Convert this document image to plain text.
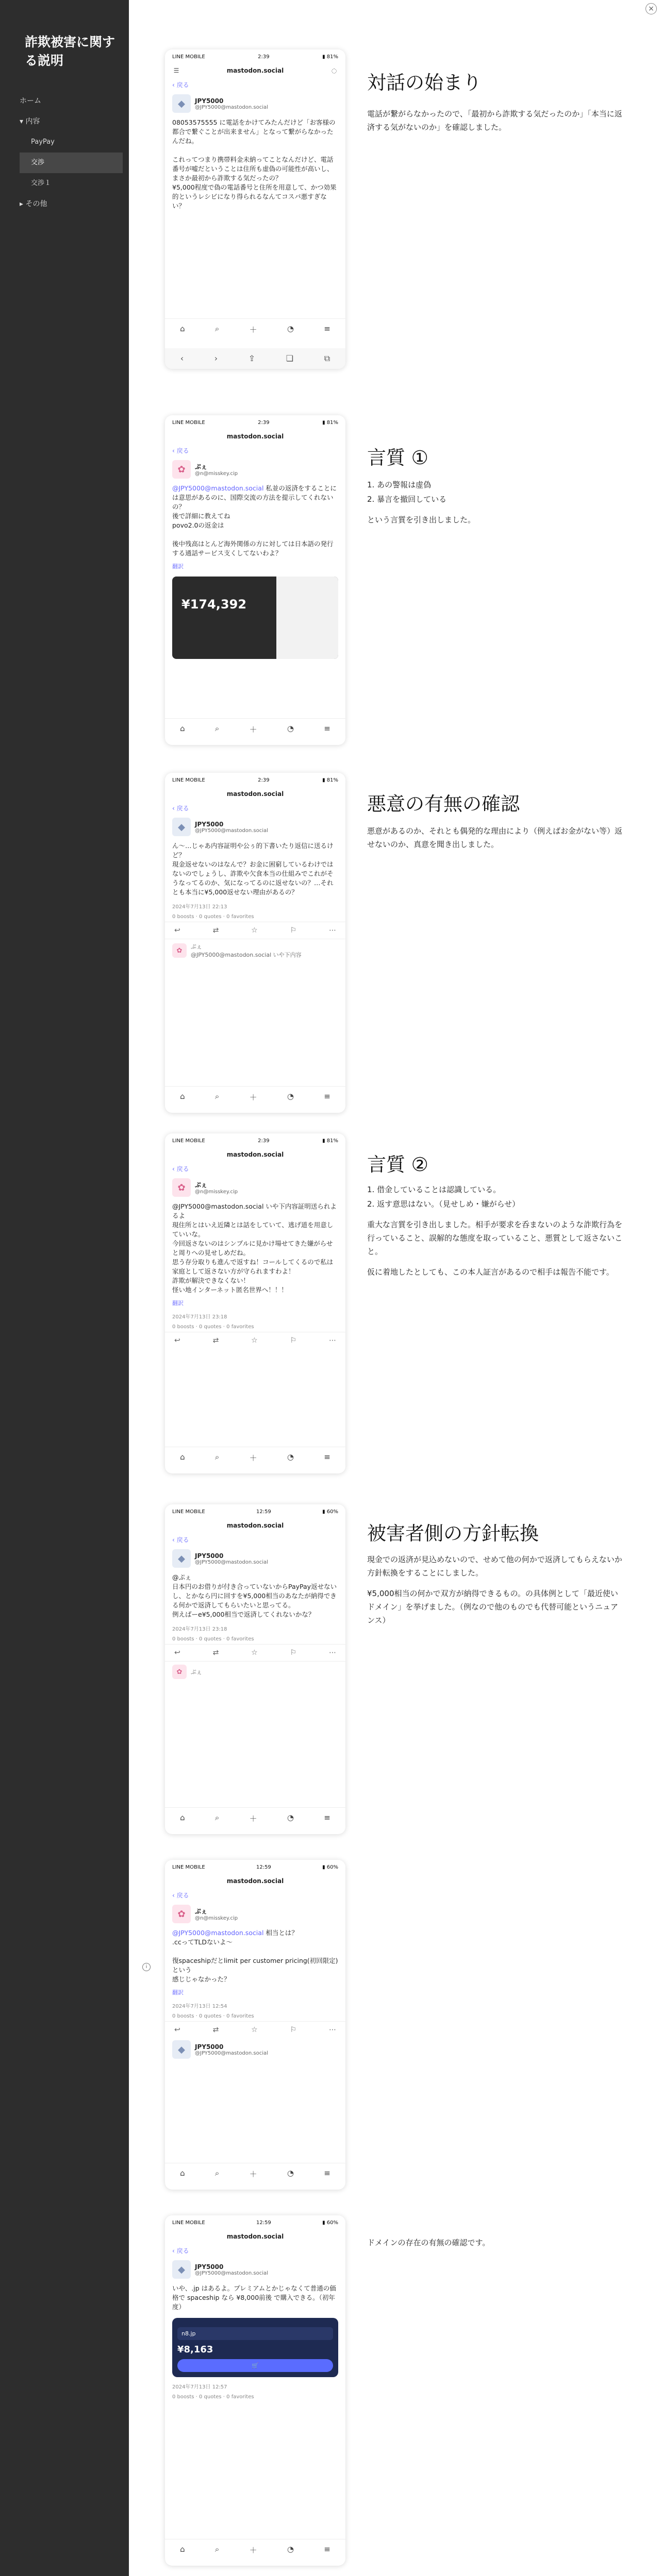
詐欺被害に関する説明
ホーム
▾ 内容
PayPay
交渉
交渉１
▸ その他
×
i
LINE MOBILE	2:39	▮ 81%
☰	mastodon.social	◌
‹ 戻る
◆	JPY5000
@JPY5000@mastodon.social
08053575555 に電話をかけてみたんだけど「お客様の都合で繋ぐことが出来ません」となって繋がらなかったんだね。

これってつまり携帯料金未納ってことなんだけど、電話番号が嘘だということは住所も虚偽の可能性が高いし、まさか最初から詐欺する気だったの？
¥5,000程度で偽の電話番号と住所を用意して、かつ効果的というレシビになり得られるなんてコスパ悪すぎない？
⌂	⌕	＋	◔	≡
‹	›	⇪	❏	⧉
対話の始まり
電話が繋がらなかったので、「最初から詐欺する気だったのか」「本当に返済する気がないのか」を確認しました。
LINE MOBILE	2:39	▮ 81%
mastodon.social
‹ 戻る
✿	ぷぇ
@n@misskey.cip
@JPY5000@mastodon.social 私並の返済をすることには意思があるのに、国際交流の方法を提示してくれないの？
後で詳細に教えてね
povo2.0の返金は

後中残高はとんど海外関係の方に対しては日本語の発行する通話サービス支くしてないわよ？
翻訳
¥174,392
⌂	⌕	＋	◔	≡
言質 ①
1. あの警報は虚偽
2. 暴言を撤回している
という言質を引き出しました。
LINE MOBILE	2:39	▮ 81%
mastodon.social
‹ 戻る
◆	JPY5000
@JPY5000@mastodon.social
ん〜…じゃあ内容証明や公ぅ的下書いたり返信に送るけど？
現金返せないのはなんで？お金に困窮しているわけではないのでしょうし、詐欺や欠食本当の仕組みでこれがそうなってるのか、気になってるのに返せないの？…それとも本当に¥5,000返せない理由があるの？
2024年7月13日 22:13
0 boosts · 0 quotes · 0 favorites
↩	⇄	☆	⚐	⋯
✿	ぷぇ
@JPY5000@mastodon.social いや下内容
⌂	⌕	＋	◔	≡
悪意の有無の確認
悪意があるのか、それとも偶発的な理由により（例えばお金がない等）返せないのか、真意を聞き出しました。
LINE MOBILE	2:39	▮ 81%
mastodon.social
‹ 戻る
✿	ぷぇ
@n@misskey.cip
@JPY5000@mastodon.social いや下内容証明送られよるよ
現住所とはいえ近隣とは話をしていて、逃げ道を用意していいな。
今回返さないのはシンプルに見かけ場せてきた嫌がらせと周りへの見せしめだね。
思う存分取りも進んで返すね！コールしてくるので私は家庭として返さない方が守られますわよ！
詐欺が解決できなくない！
怪い地インターネット匿名世界へ！！！
翻訳
2024年7月13日 23:18
0 boosts · 0 quotes · 0 favorites
↩	⇄	☆	⚐	⋯
⌂	⌕	＋	◔	≡
言質 ②
1. 借金していることは認識している。
2. 返す意思はない。（見せしめ・嫌がらせ）
重大な言質を引き出しました。相手が要求を呑まないのような詐欺行為を行っていること、誤解的な態度を取っていること、悪質として返さないこと。
仮に着地したとしても、この本人証言があるので相手は報告不能です。
LINE MOBILE	12:59	▮ 60%
mastodon.social
‹ 戻る
◆	JPY5000
@JPY5000@mastodon.social
@ぷぇ
日本円のお借りが付き合っていないからPayPay返せないし、とかなら円に回すを¥5,000相当のあなたが納得できる何かで返済してもらいたいと思ってる。
例えばーe¥5,000相当で返済してくれないかな？
2024年7月13日 23:18
0 boosts · 0 quotes · 0 favorites
↩	⇄	☆	⚐	⋯
✿	ぷぇ
⌂	⌕	＋	◔	≡
被害者側の方針転換
現金での返済が見込めないので、せめて他の何かで返済してもらえないか方針転換をすることにしました。
¥5,000相当の何かで双方が納得できるもの。の具体例として「最近使いドメイン」を挙げました。（例なので他のものでも代替可能というニュアンス）
LINE MOBILE	12:59	▮ 60%
mastodon.social
‹ 戻る
✿	ぷぇ
@n@misskey.cip
@JPY5000@mastodon.social 相当とは？
.ccってTLDないよ〜

復spaceshipだとlimit per customer pricing(初回限定)という
感じじゃなかった？
翻訳
2024年7月13日 12:54
0 boosts · 0 quotes · 0 favorites
↩	⇄	☆	⚐	⋯
◆	JPY5000
@JPY5000@mastodon.social
⌂	⌕	＋	◔	≡
LINE MOBILE	12:59	▮ 60%
mastodon.social
‹ 戻る
◆	JPY5000
@JPY5000@mastodon.social
いや、.jp はあるよ。プレミアムとかじゃなくて普通の価格で spaceship なら ¥8,000前後 で購入できる。（初年度）
n8.jp
¥8,163
🛒
2024年7月13日 12:57
0 boosts · 0 quotes · 0 favorites
⌂	⌕	＋	◔	≡
ドメインの存在の有無の確認です。
